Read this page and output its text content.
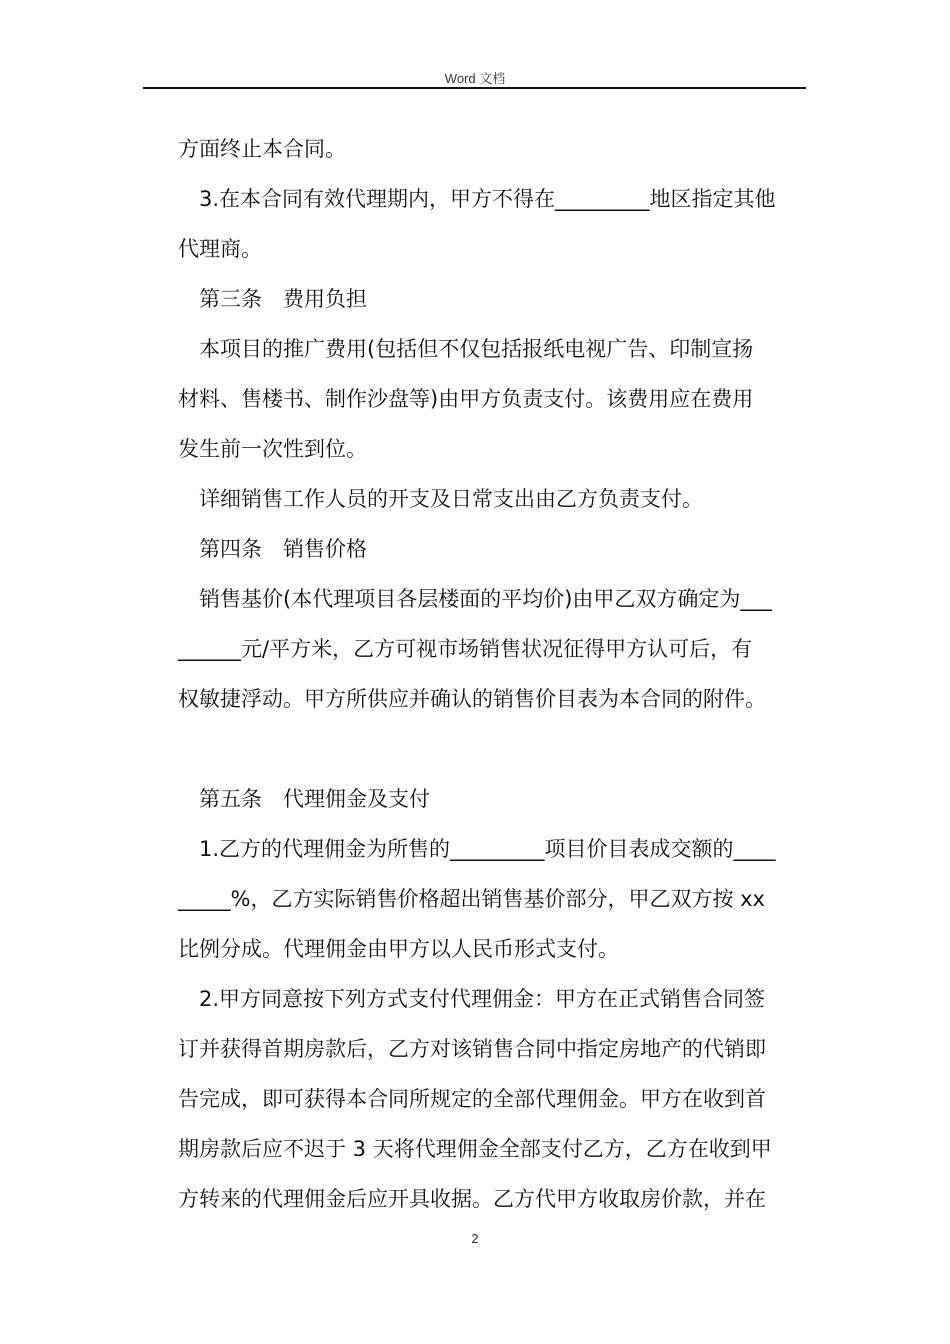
Word 文档

方面终止本合同。

3.在本合同有效代理期内，甲方不得在_________地区指定其他

代理商。

第三条　费用负担

本项目的推广费用(包括但不仅包括报纸电视广告、印制宣扬

材料、售楼书、制作沙盘等)由甲方负责支付。该费用应在费用

发生前一次性到位。

详细销售工作人员的开支及日常支出由乙方负责支付。

第四条　销售价格

销售基价(本代理项目各层楼面的平均价)由甲乙双方确定为___

______元/平方米，乙方可视市场销售状况征得甲方认可后，有

权敏捷浮动。甲方所供应并确认的销售价目表为本合同的附件。

第五条　代理佣金及支付

1.乙方的代理佣金为所售的_________项目价目表成交额的____

_____%，乙方实际销售价格超出销售基价部分，甲乙双方按 xx

比例分成。代理佣金由甲方以人民币形式支付。

2.甲方同意按下列方式支付代理佣金：甲方在正式销售合同签

订并获得首期房款后，乙方对该销售合同中指定房地产的代销即

告完成，即可获得本合同所规定的全部代理佣金。甲方在收到首

期房款后应不迟于 3 天将代理佣金全部支付乙方，乙方在收到甲

方转来的代理佣金后应开具收据。乙方代甲方收取房价款，并在

2
